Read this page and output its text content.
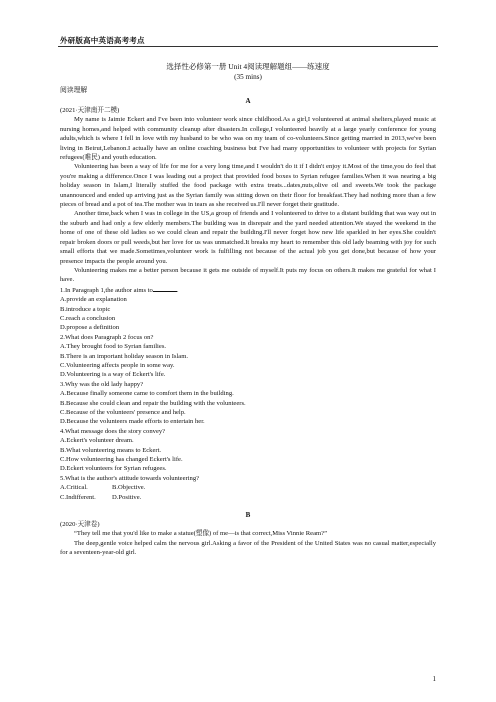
外研版高中英语高考考点
选择性必修第一册 Unit 4阅读理解题组——练速度
(35 mins)
阅读理解
A
(2021·天津南开二模)

My name is Jaimie Eckert and I've been into volunteer work since childhood.As a girl,I volunteered at animal shelters,played music at nursing homes,and helped with community cleanup after disasters.In college,I volunteered heavily at a large yearly conference for young adults,which is where I fell in love with my husband to be who was on my team of co-volunteers.Since getting married in 2013,we've been living in Beirut,Lebanon.I actually have an online coaching business but I've had many opportunities to volunteer with projects for Syrian refugees(难民) and youth education.

Volunteering has been a way of life for me for a very long time,and I wouldn't do it if I didn't enjoy it.Most of the time,you do feel that you're making a difference.Once I was leading out a project that provided food boxes to Syrian refugee families.When it was nearing a big holiday season in Islam,I literally stuffed the food package with extra treats...dates,nuts,olive oil and sweets.We took the package unannounced and ended up arriving just as the Syrian family was sitting down on their floor for breakfast.They had nothing more than a few pieces of bread and a pot of tea.The mother was in tears as she received us.I'll never forget their gratitude.

Another time,back when I was in college in the US,a group of friends and I volunteered to drive to a distant building that was way out in the suburb and had only a few elderly members.The building was in disrepair and the yard needed attention.We stayed the weekend in the home of one of these old ladies so we could clean and repair the building.I'll never forget how new life sparkled in her eyes.She couldn't repair broken doors or pull weeds,but her love for us was unmatched.It breaks my heart to remember this old lady beaming with joy for such small efforts that we made.Sometimes,volunteer work is fulfilling not because of the actual job you get done,but because of how your presence impacts the people around you.

Volunteering makes me a better person because it gets me outside of myself.It puts my focus on others.It makes me grateful for what I have.

1.In Paragraph 1,the author aims to	.
A.provide an explanation
B.introduce a topic
C.reach a conclusion
D.propose a definition
2.What does Paragraph 2 focus on?
A.They brought food to Syrian families.
B.There is an important holiday season in Islam.
C.Volunteering affects people in some way.
D.Volunteering is a way of Eckert's life.
3.Why was the old lady happy?
A.Because finally someone came to comfort them in the building.
B.Because she could clean and repair the building with the volunteers.
C.Because of the volunteers' presence and help.
D.Because the volunteers made efforts to entertain her.
4.What message does the story convey?
A.Eckert's volunteer dream.
B.What volunteering means to Eckert.
C.How volunteering has changed Eckert's life.
D.Eckert volunteers for Syrian refugees.
5.What is the author's attitude towards volunteering?
A.Critical.	B.Objective.
C.Indifferent.	D.Positive.
B
(2020·天津卷)

“They tell me that you'd like to make a statue(塑像) of me—is that correct,Miss Vinnie Ream?”

The deep,gentle voice helped calm the nervous girl.Asking a favor of the President of the United States was no casual matter,especially for a seventeen-year-old girl.

1
